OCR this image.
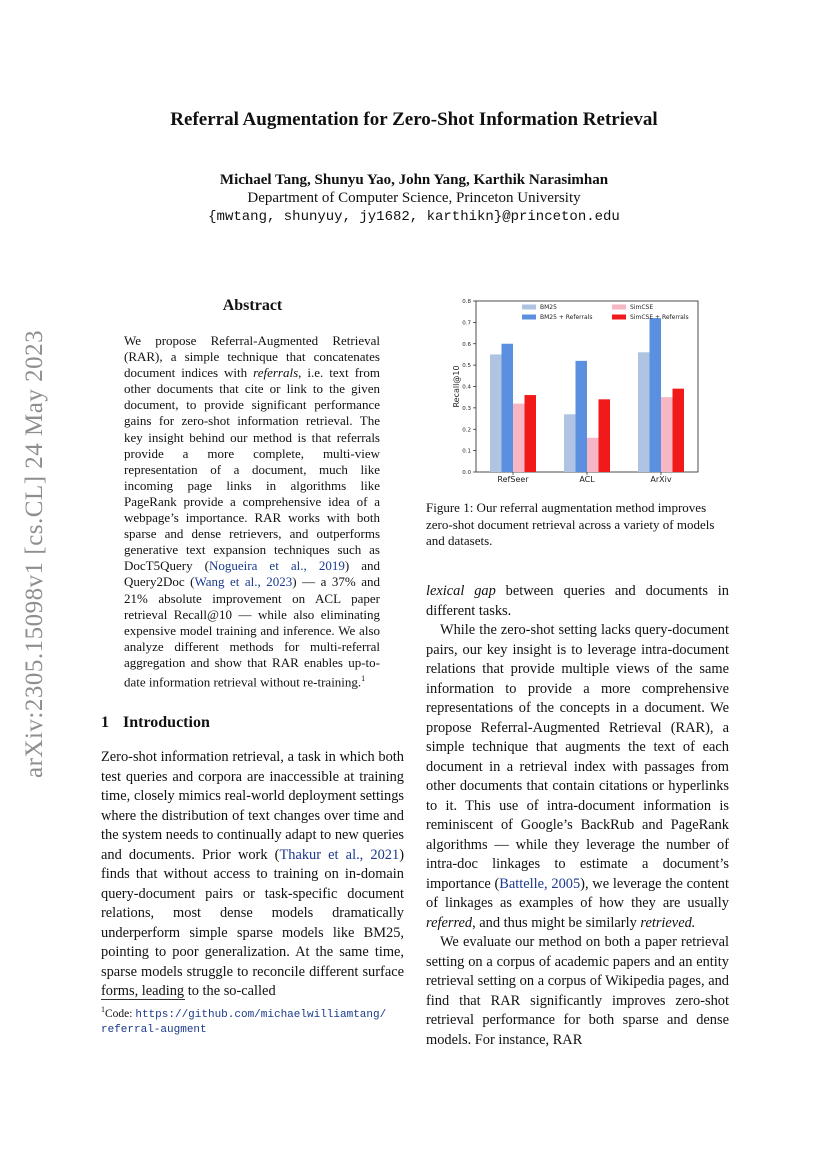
arXiv:2305.15098v1 [cs.CL] 24 May 2023
Referral Augmentation for Zero-Shot Information Retrieval
Michael Tang, Shunyu Yao, John Yang, Karthik Narasimhan
Department of Computer Science, Princeton University
{mwtang, shunyuy, jy1682, karthikn}@princeton.edu
Abstract
We propose Referral-Augmented Retrieval (RAR), a simple technique that concatenates document indices with referrals, i.e. text from other documents that cite or link to the given document, to provide significant performance gains for zero-shot information retrieval. The key insight behind our method is that referrals provide a more complete, multi-view representation of a document, much like incoming page links in algorithms like PageRank provide a comprehensive idea of a webpage’s importance. RAR works with both sparse and dense retrievers, and outperforms generative text expansion techniques such as DocT5Query (Nogueira et al., 2019) and Query2Doc (Wang et al., 2023) — a 37% and 21% absolute improvement on ACL paper retrieval Recall@10 — while also eliminating expensive model training and inference. We also analyze different methods for multi-referral aggregation and show that RAR enables up-to-date information retrieval without re-training.$^1$
1 Introduction

Zero-shot information retrieval, a task in which both test queries and corpora are inaccessible at training time, closely mimics real-world deployment settings where the distribution of text changes over time and the system needs to continually adapt to new queries and documents. Prior work (Thakur et al., 2021) finds that without access to training on in-domain query-document pairs or task-specific document relations, most dense models dramatically underperform simple sparse models like BM25, pointing to poor generalization. At the same time, sparse models struggle to reconcile different surface forms, leading to the so-called

$^1$Code: https://github.com/michaelwilliamtang/
referral-augment
0.0
0.1
0.2
0.3
0.4
0.5
0.6
0.7
0.8
Recall@10
RefSeer	ACL	ArXiv
BM25
BM25 + Referrals
SimCSE
SimCSE + Referrals
Figure 1: Our referral augmentation method improves zero-shot document retrieval across a variety of models and datasets.

lexical gap between queries and documents in different tasks.

While the zero-shot setting lacks query-document pairs, our key insight is to leverage intra-document relations that provide multiple views of the same information to provide a more comprehensive representations of the concepts in a document. We propose Referral-Augmented Retrieval (RAR), a simple technique that augments the text of each document in a retrieval index with passages from other documents that contain citations or hyperlinks to it. This use of intra-document information is reminiscent of Google’s BackRub and PageRank algorithms — while they leverage the number of intra-doc linkages to estimate a document’s importance (Battelle, 2005), we leverage the content of linkages as examples of how they are usually referred, and thus might be similarly retrieved.

We evaluate our method on both a paper retrieval setting on a corpus of academic papers and an entity retrieval setting on a corpus of Wikipedia pages, and find that RAR significantly improves zero-shot retrieval performance for both sparse and dense models. For instance, RAR
